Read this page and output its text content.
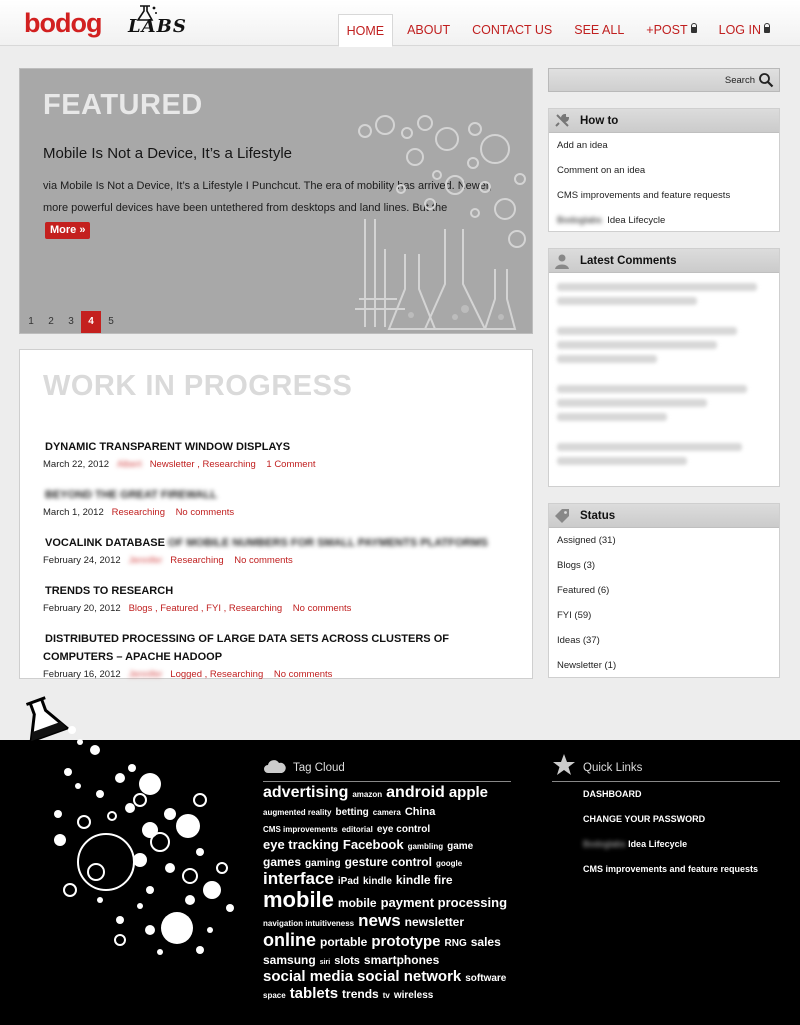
bodog LABS	HOME	ABOUT	CONTACT US	SEE ALL	+POST	LOG IN
FEATURED
Mobile Is Not a Device, It’s a Lifestyle
via Mobile Is Not a Device, It’s a Lifestyle I Punchcut. The era of mobility has arrived. Newer, more powerful devices have been untethered from desktops and land lines. But the More »
1	2	3	4	5
WORK IN PROGRESS
DYNAMIC TRANSPARENT WINDOW DISPLAYS
March 22, 2012 Albert Newsletter , Researching 1 Comment
BEYOND THE GREAT FIREWALL
March 1, 2012 Researching No comments
VOCALINK DATABASE OF MOBILE NUMBERS FOR SMALL PAYMENTS PLATFORMS
February 24, 2012 Jennifer Researching No comments
TRENDS TO RESEARCH
February 20, 2012 Blogs , Featured , FYI , Researching No comments
DISTRIBUTED PROCESSING OF LARGE DATA SETS ACROSS CLUSTERS OF COMPUTERS – APACHE HADOOP
February 16, 2012 Jennifer Logged , Researching No comments
Search
How to
Add an idea
Comment on an idea
CMS improvements and feature requests
Bodoglabs Idea Lifecycle
Latest Comments
Status
Assigned (31)
Blogs (3)
Featured (6)
FYI (59)
Ideas (37)
Newsletter (1)
Tag Cloud
advertising amazon android appleaugmented reality betting camera ChinaCMS improvements editorial eye controleye tracking Facebook gambling gamegames gaming gesture control googleinterface iPad kindle kindle firemobile mobile payment processingnavigation intuitiveness news newsletteronline portable prototype RNG salessamsung siri slots smartphonessocial media social network softwarespace tablets trends tv wireless
Quick Links
DASHBOARD
CHANGE YOUR PASSWORD
Bodoglabs Idea Lifecycle
CMS improvements and feature requests
